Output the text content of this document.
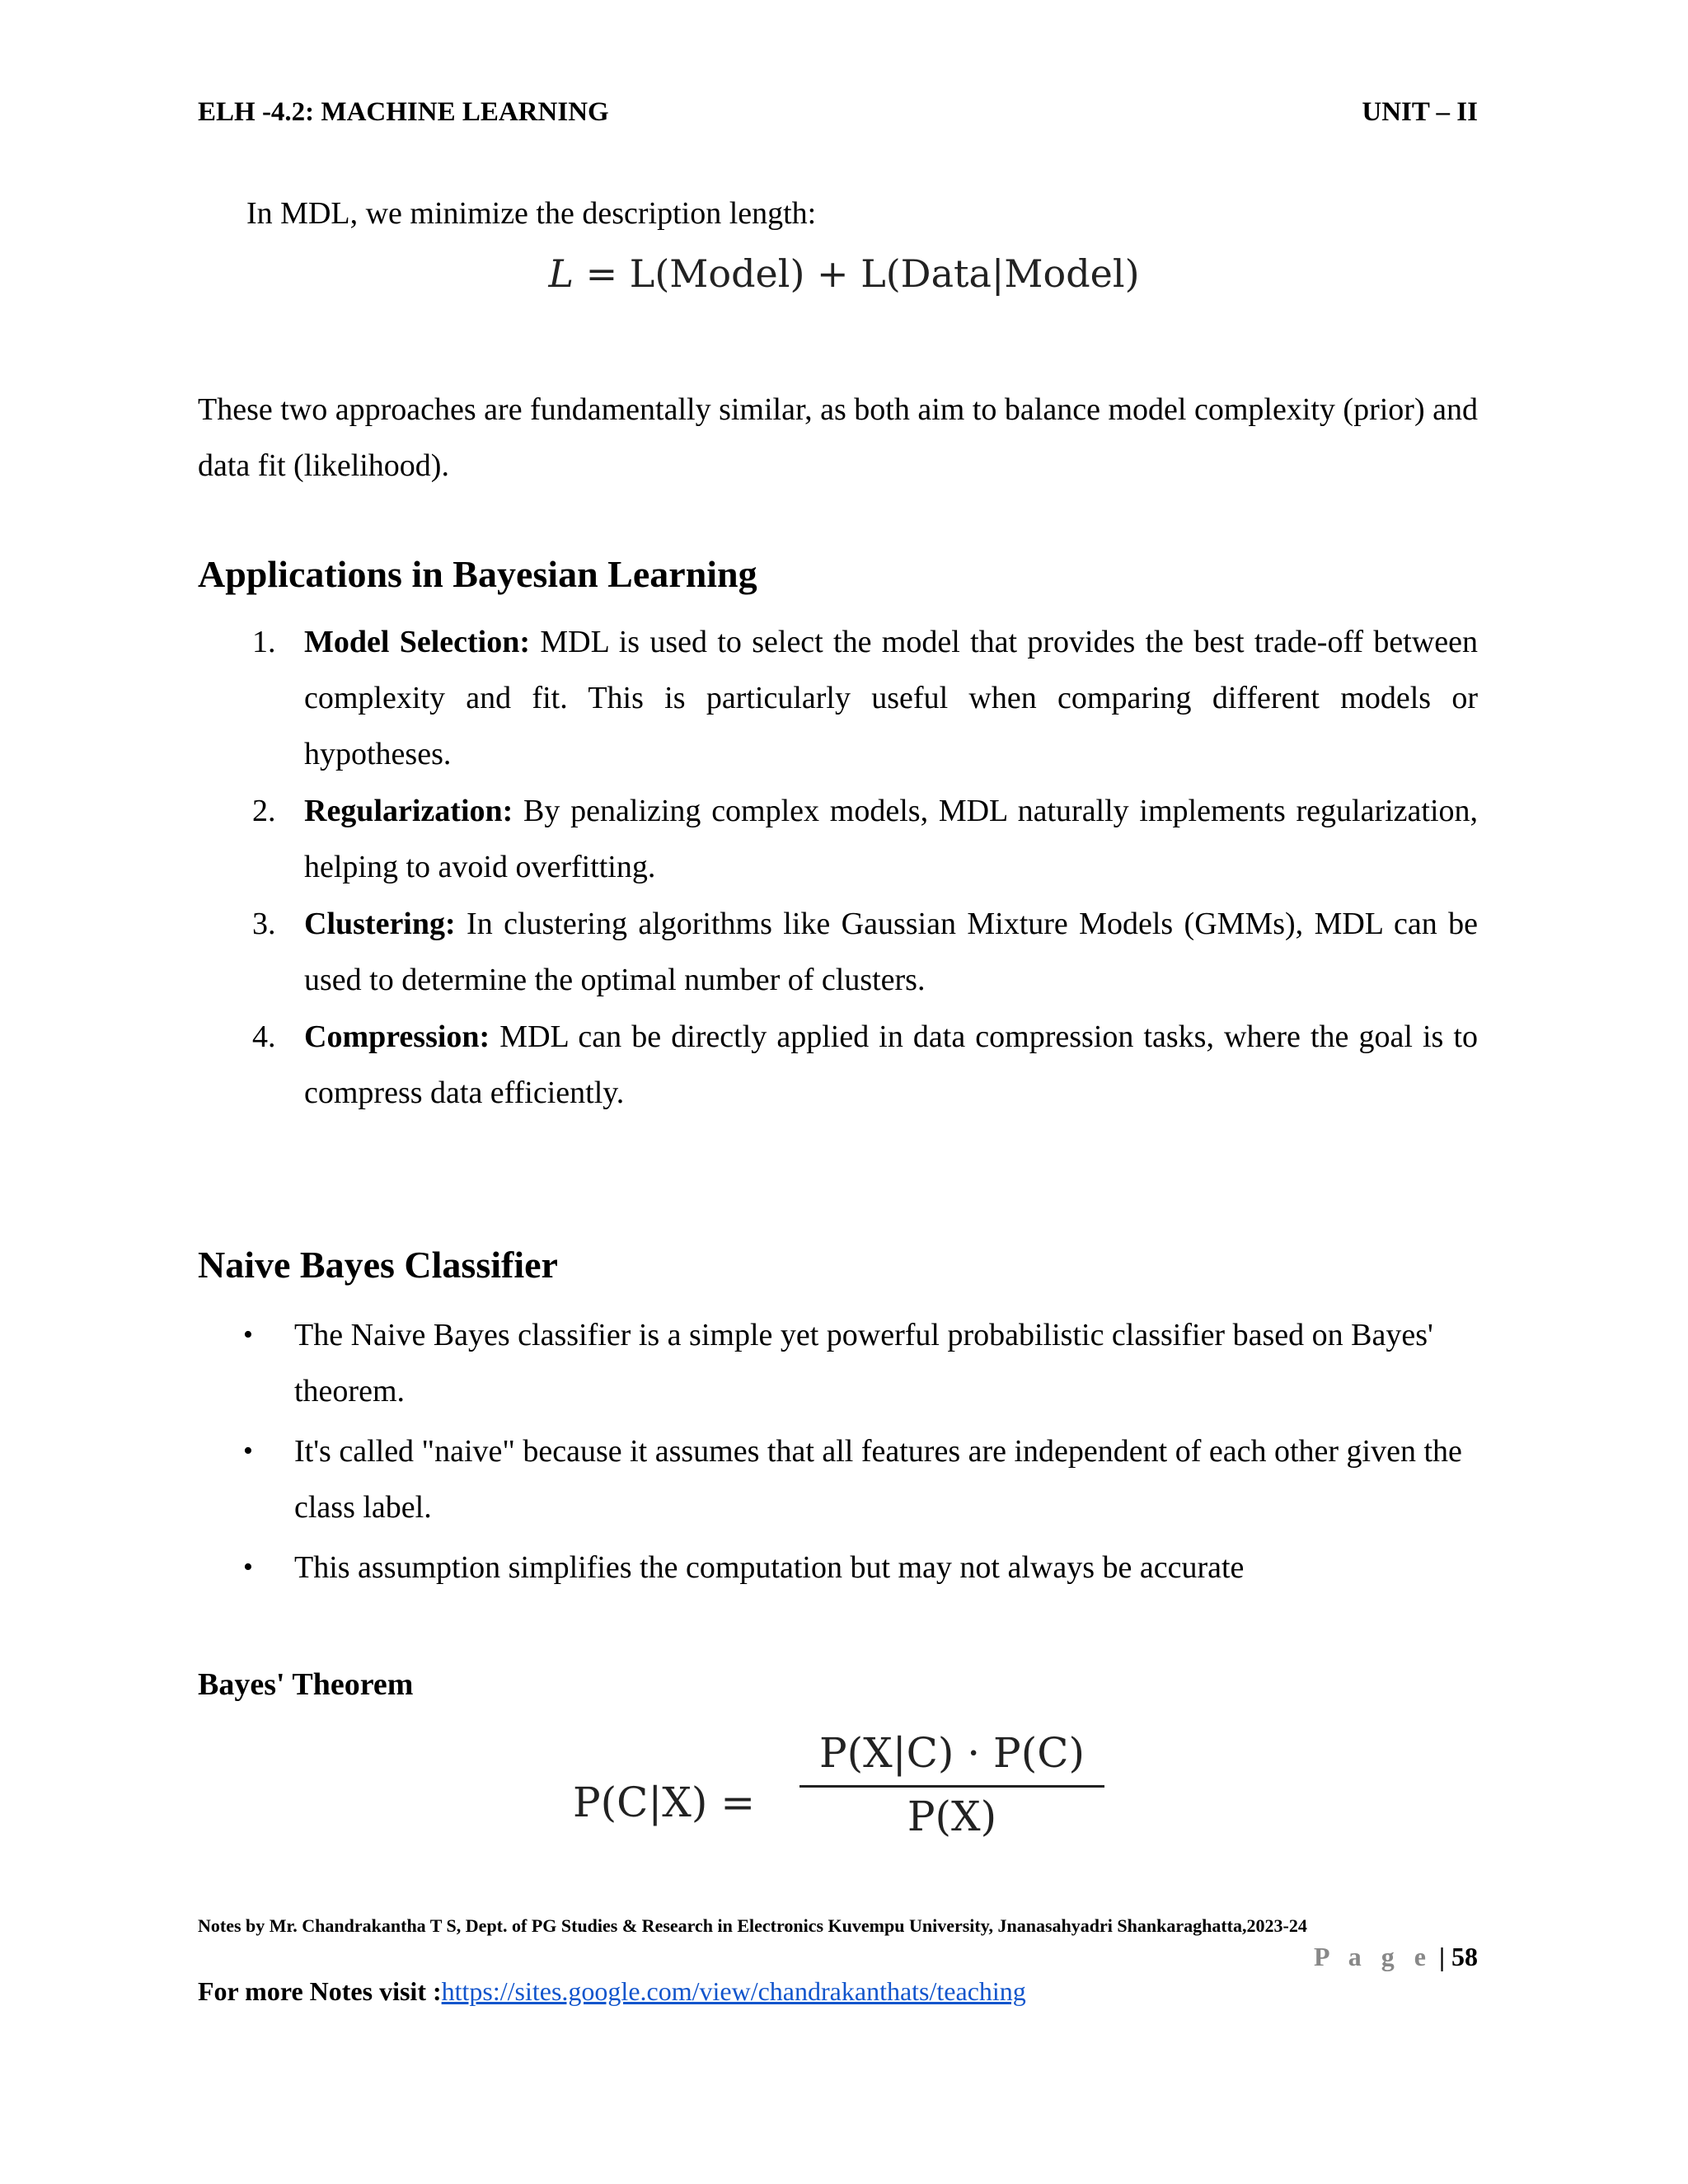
ELH -4.2: MACHINE LEARNING	UNIT – II
In MDL, we minimize the description length:
L = L(Model) + L(Data|Model)
These two approaches are fundamentally similar, as both aim to balance model complexity (prior) and data fit (likelihood).
Applications in Bayesian Learning
1. Model Selection: MDL is used to select the model that provides the best trade-off between complexity and fit. This is particularly useful when comparing different models or hypotheses.
2. Regularization: By penalizing complex models, MDL naturally implements regularization, helping to avoid overfitting.
3. Clustering: In clustering algorithms like Gaussian Mixture Models (GMMs), MDL can be used to determine the optimal number of clusters.
4. Compression: MDL can be directly applied in data compression tasks, where the goal is to compress data efficiently.
Naive Bayes Classifier
• The Naive Bayes classifier is a simple yet powerful probabilistic classifier based on Bayes' theorem.
• It's called "naive" because it assumes that all features are independent of each other given the class label.
• This assumption simplifies the computation but may not always be accurate
Bayes' Theorem
P(C|X) =
P(X|C) · P(C)
P(X)
Notes by Mr. Chandrakantha T S, Dept. of PG Studies & Research in Electronics Kuvempu University, Jnanasahyadri Shankaraghatta,2023-24
P a g e | 58
For more Notes visit :https://sites.google.com/view/chandrakanthats/teaching
